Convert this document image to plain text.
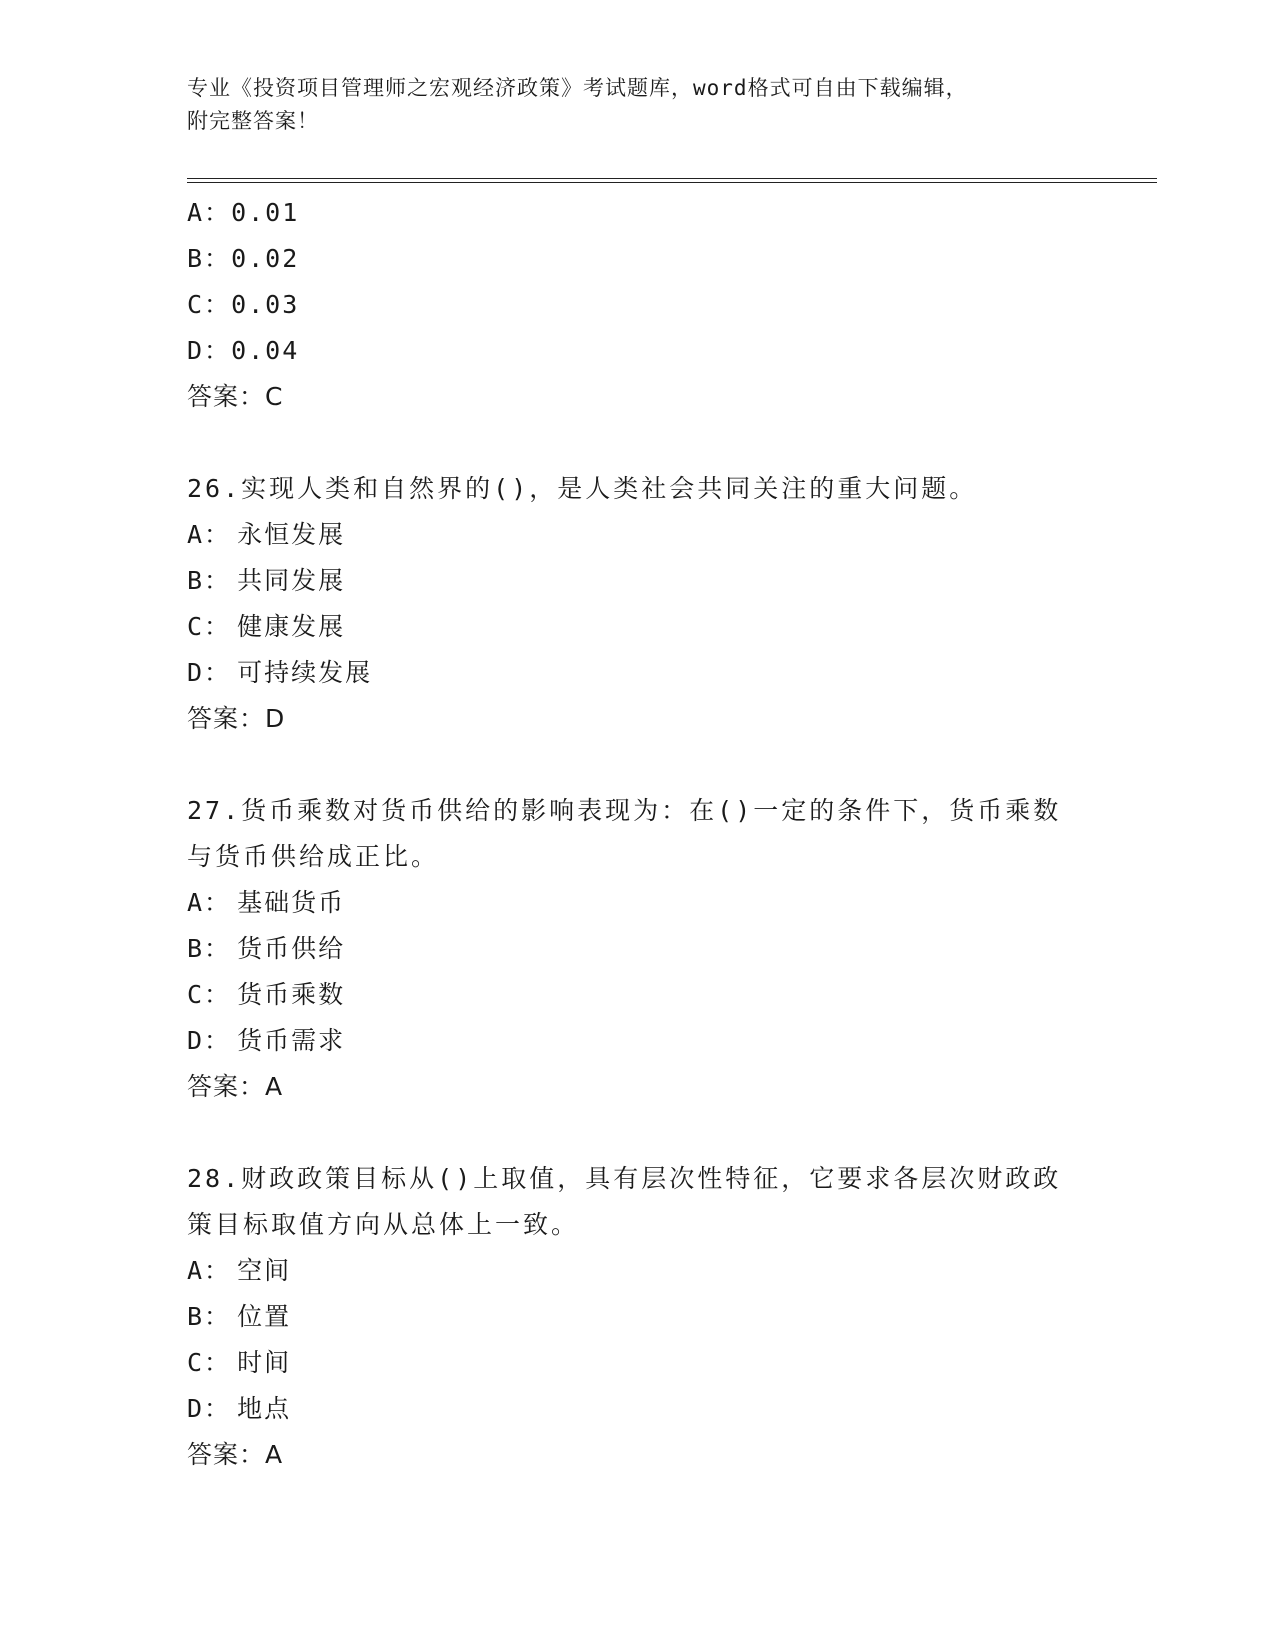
专业《投资项目管理师之宏观经济政策》考试题库，word格式可自由下载编辑，
附完整答案！
A：0.01
B：0.02
C：0.03
D：0.04
答案：C
26.实现人类和自然界的()，是人类社会共同关注的重大问题。
A： 永恒发展
B： 共同发展
C： 健康发展
D： 可持续发展
答案：D
27.货币乘数对货币供给的影响表现为：在()一定的条件下，货币乘数与货币供给成正比。
A： 基础货币
B： 货币供给
C： 货币乘数
D： 货币需求
答案：A
28.财政政策目标从()上取值，具有层次性特征，它要求各层次财政政策目标取值方向从总体上一致。
A： 空间
B： 位置
C： 时间
D： 地点
答案：A
